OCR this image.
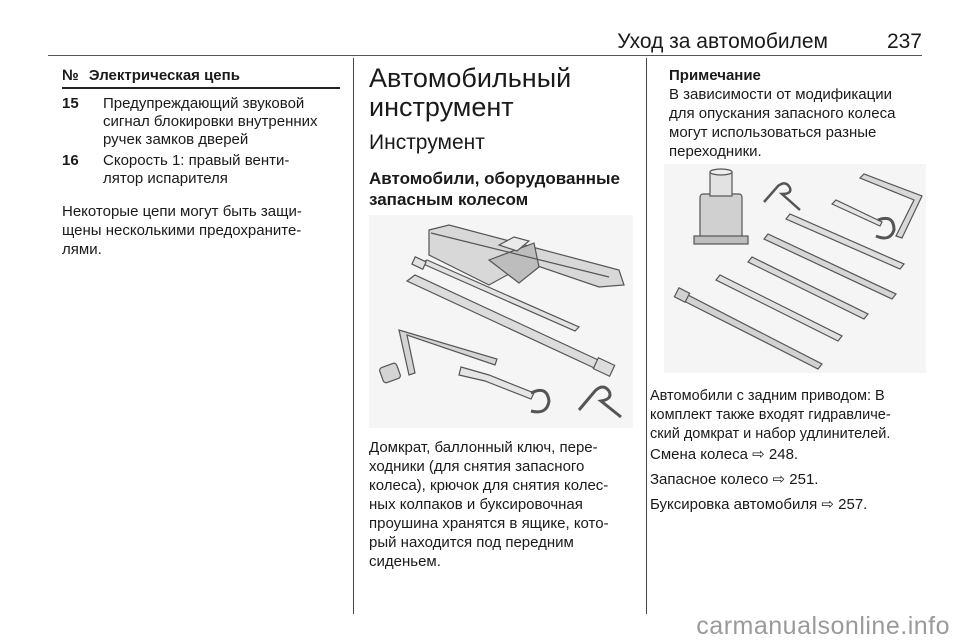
Уход за автомобилем	237
№ Электрическая цепь
15 Предупреждающий звуковой
сигнал блокировки внутренних
ручек замков дверей
16 Скорость 1: правый венти-
лятор испарителя
Некоторые цепи могут быть защи-
щены несколькими предохраните-
лями.
Автомобильный
инструмент
Инструмент
Автомобили, оборудованные
запасным колесом
Домкрат, баллонный ключ, пере-
ходники (для снятия запасного
колеса), крючок для снятия колес-
ных колпаков и буксировочная
проушина хранятся в ящике, кото-
рый находится под передним
сиденьем.
Примечание
В зависимости от модификации
для опускания запасного колеса
могут использоваться разные
переходники.
Автомобили с задним приводом: В
комплект также входят гидравличе-
ский домкрат и набор удлинителей.
Смена колеса ⇨ 248.
Запасное колесо ⇨ 251.
Буксировка автомобиля ⇨ 257.
carmanualsonline.info
